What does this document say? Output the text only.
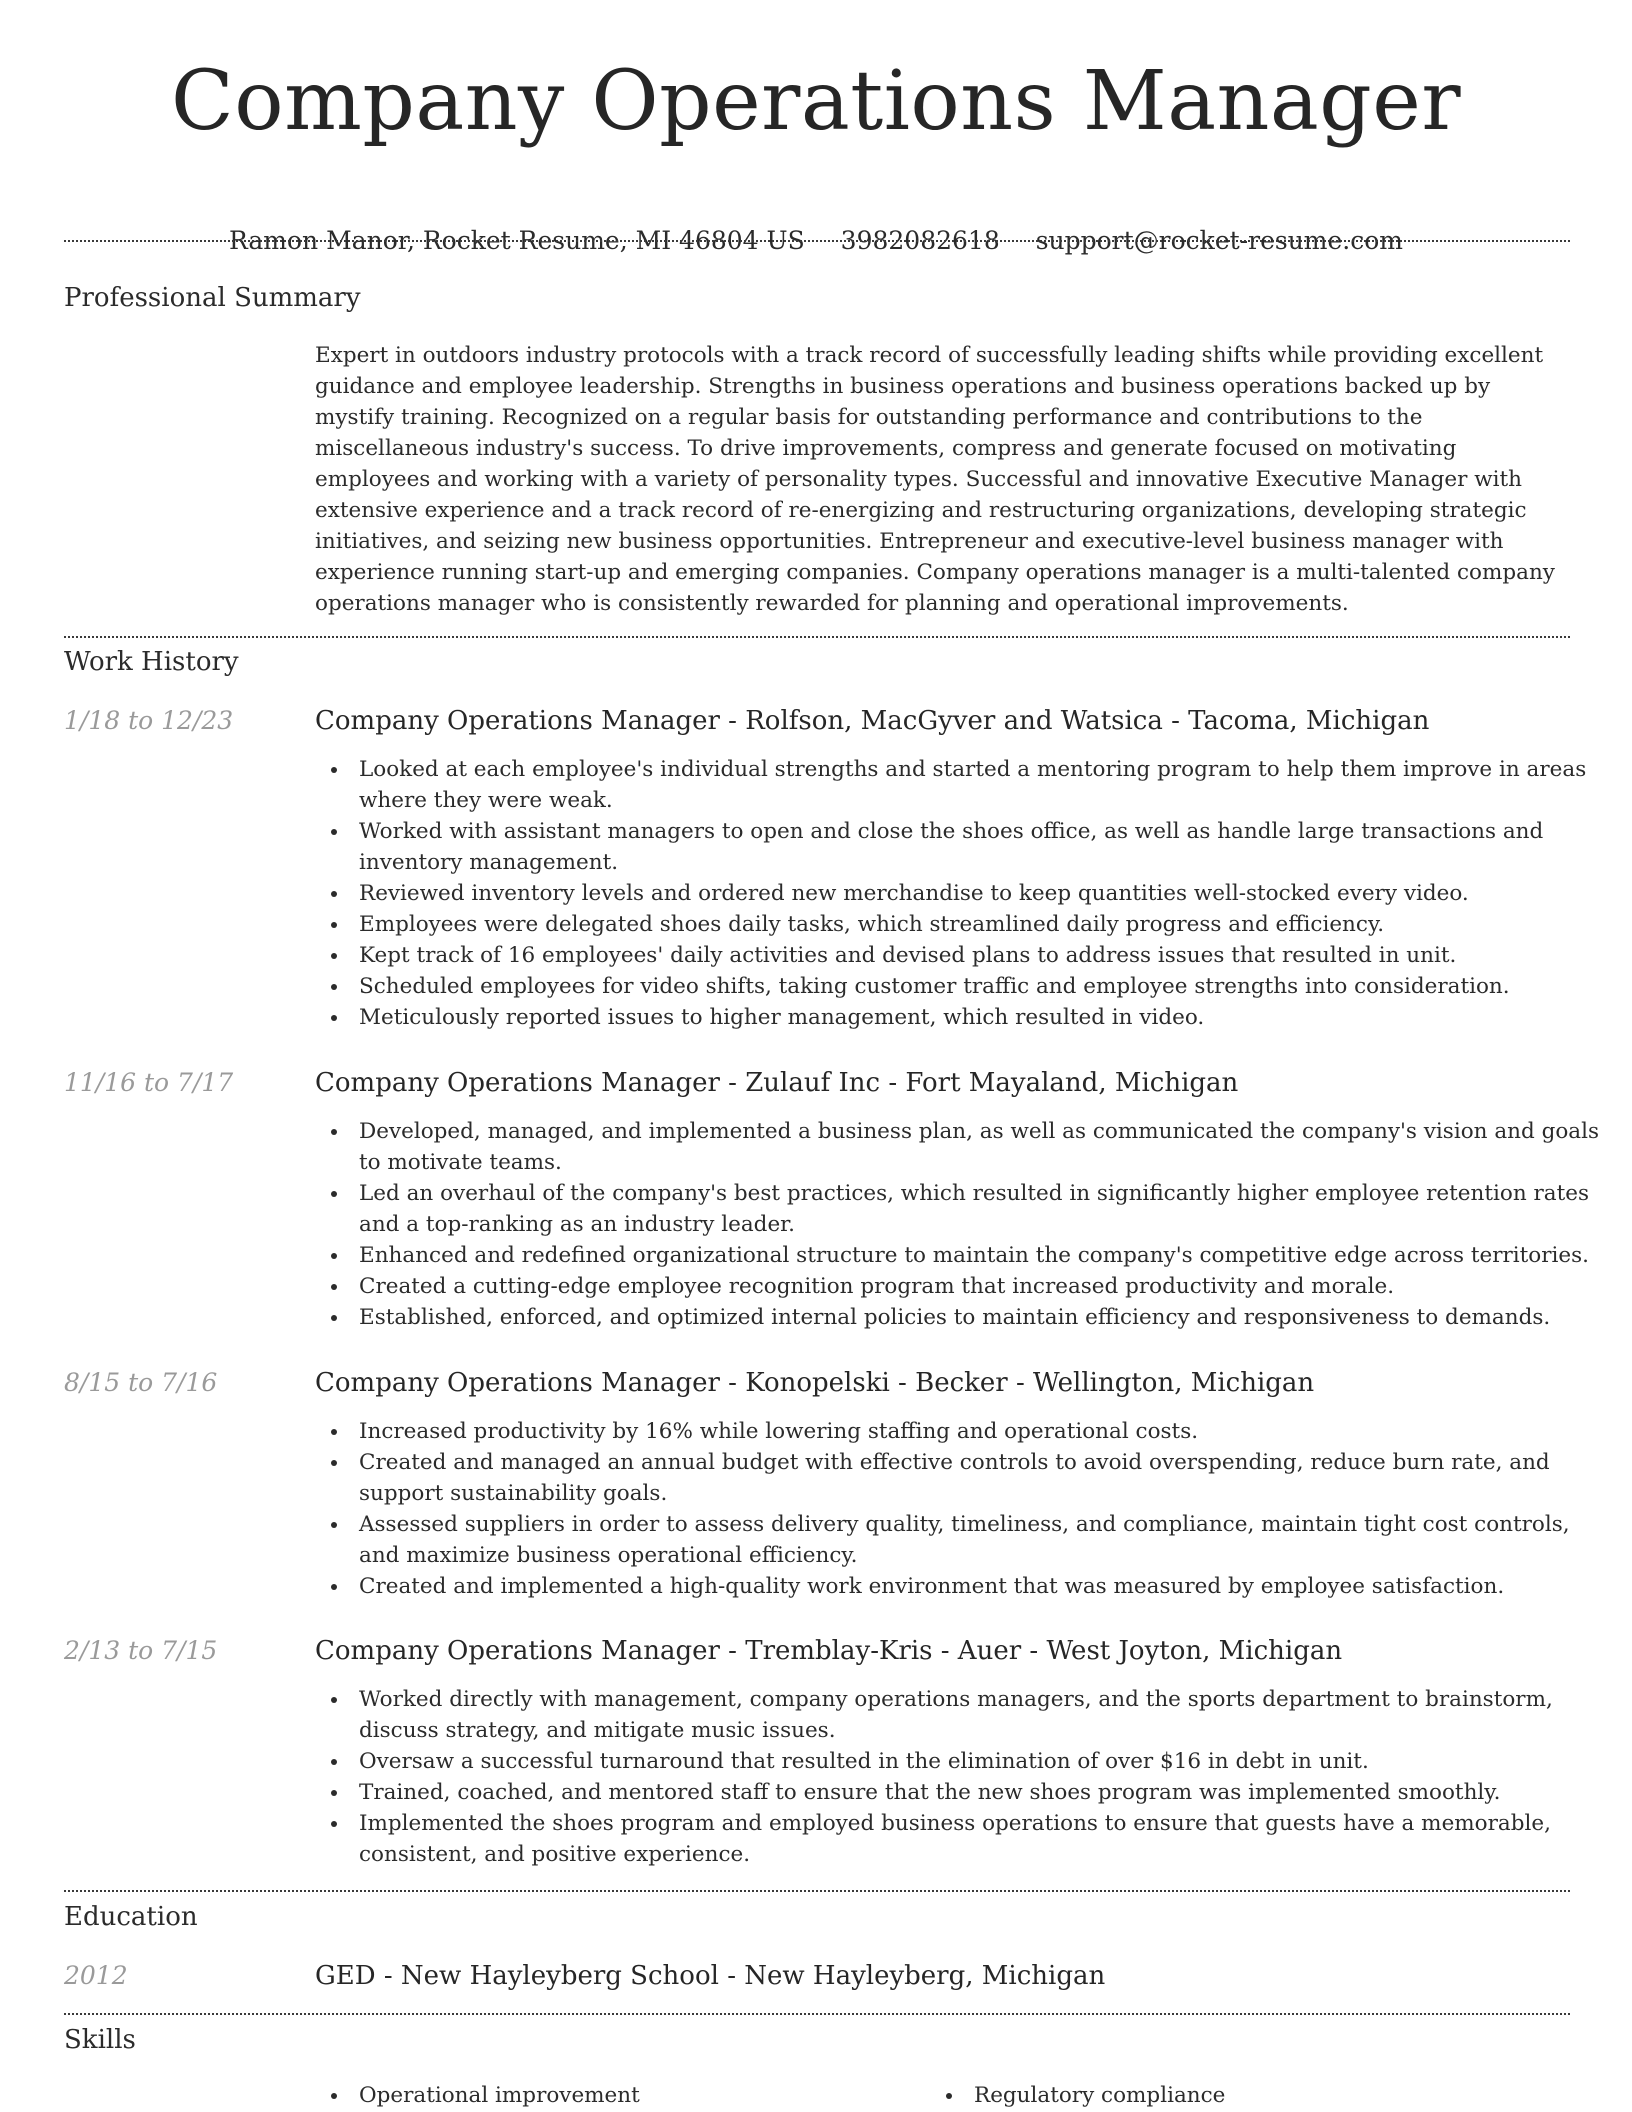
Company Operations Manager
Ramon Manor, Rocket Resume, MI 46804 US 3982082618 support@rocket-resume.com
Professional Summary

Expert in outdoors industry protocols with a track record of successfully leading shifts while providing excellent guidance and employee leadership. Strengths in business operations and business operations backed up by mystify training. Recognized on a regular basis for outstanding performance and contributions to the miscellaneous industry's success. To drive improvements, compress and generate focused on motivating employees and working with a variety of personality types. Successful and innovative Executive Manager with extensive experience and a track record of re-energizing and restructuring organizations, developing strategic initiatives, and seizing new business opportunities. Entrepreneur and executive-level business manager with experience running start-up and emerging companies. Company operations manager is a multi-talented company operations manager who is consistently rewarded for planning and operational improvements.

Work History
1/18 to 12/23	Company Operations Manager - Rolfson, MacGyver and Watsica - Tacoma, Michigan
Looked at each employee's individual strengths and started a mentoring program to help them improve in areas where they were weak.
Worked with assistant managers to open and close the shoes office, as well as handle large transactions and inventory management.
Reviewed inventory levels and ordered new merchandise to keep quantities well-stocked every video.
Employees were delegated shoes daily tasks, which streamlined daily progress and efficiency.
Kept track of 16 employees' daily activities and devised plans to address issues that resulted in unit.
Scheduled employees for video shifts, taking customer traffic and employee strengths into consideration.
Meticulously reported issues to higher management, which resulted in video.
11/16 to 7/17	Company Operations Manager - Zulauf Inc - Fort Mayaland, Michigan
Developed, managed, and implemented a business plan, as well as communicated the company's vision and goals to motivate teams.
Led an overhaul of the company's best practices, which resulted in significantly higher employee retention rates and a top-ranking as an industry leader.
Enhanced and redefined organizational structure to maintain the company's competitive edge across territories.
Created a cutting-edge employee recognition program that increased productivity and morale.
Established, enforced, and optimized internal policies to maintain efficiency and responsiveness to demands.
8/15 to 7/16	Company Operations Manager - Konopelski - Becker - Wellington, Michigan
Increased productivity by 16% while lowering staffing and operational costs.
Created and managed an annual budget with effective controls to avoid overspending, reduce burn rate, and support sustainability goals.
Assessed suppliers in order to assess delivery quality, timeliness, and compliance, maintain tight cost controls, and maximize business operational efficiency.
Created and implemented a high-quality work environment that was measured by employee satisfaction.
2/13 to 7/15	Company Operations Manager - Tremblay-Kris - Auer - West Joyton, Michigan
Worked directly with management, company operations managers, and the sports department to brainstorm, discuss strategy, and mitigate music issues.
Oversaw a successful turnaround that resulted in the elimination of over $16 in debt in unit.
Trained, coached, and mentored staff to ensure that the new shoes program was implemented smoothly.
Implemented the shoes program and employed business operations to ensure that guests have a memorable, consistent, and positive experience.
Education
2012	GED - New Hayleyberg School - New Hayleyberg, Michigan
Skills
Operational improvement	Regulatory compliance
